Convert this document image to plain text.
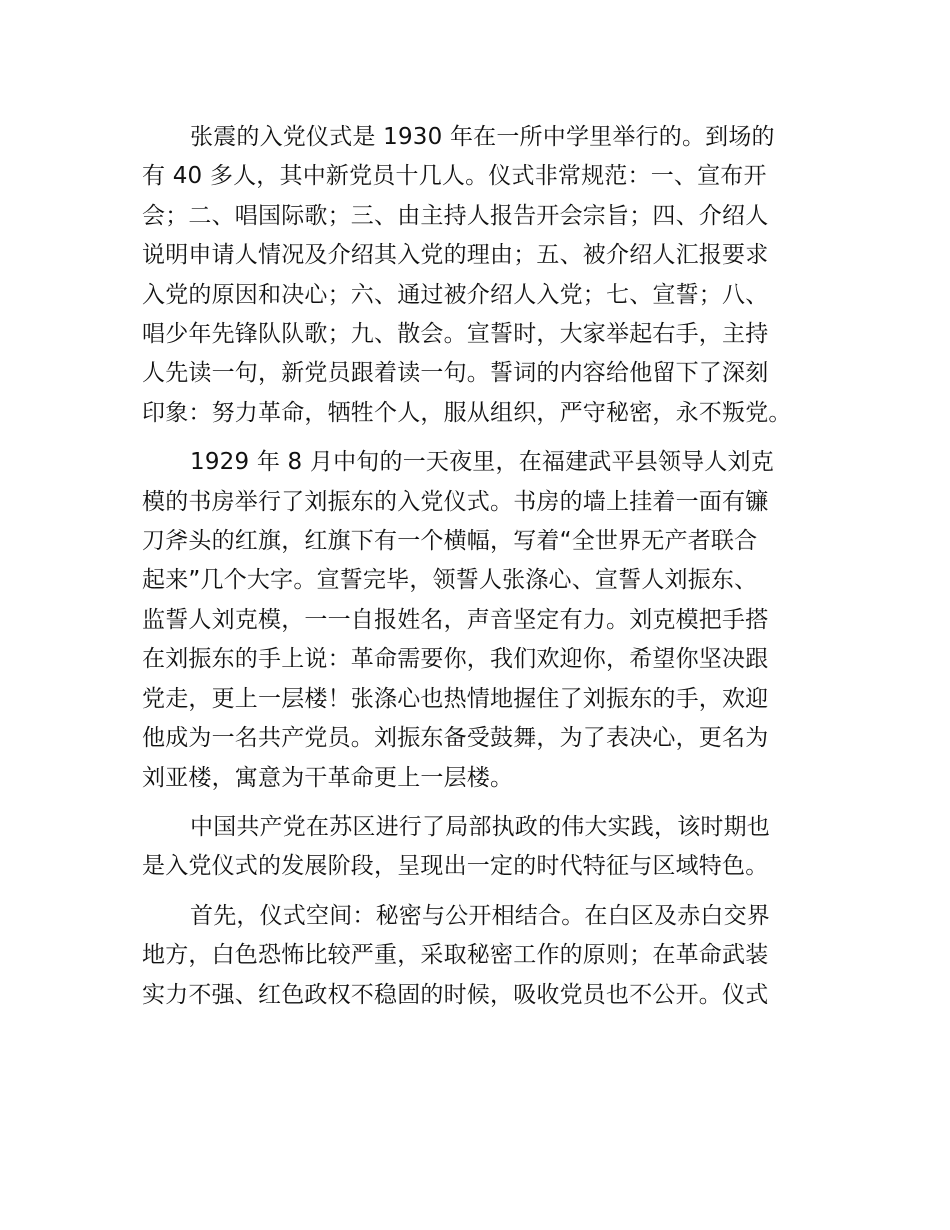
张震的入党仪式是 1930 年在一所中学里举行的。到场的
有 40 多人，其中新党员十几人。仪式非常规范：一、宣布开
会；二、唱国际歌；三、由主持人报告开会宗旨；四、介绍人
说明申请人情况及介绍其入党的理由；五、被介绍人汇报要求
入党的原因和决心；六、通过被介绍人入党；七、宣誓；八、
唱少年先锋队队歌；九、散会。宣誓时，大家举起右手，主持
人先读一句，新党员跟着读一句。誓词的内容给他留下了深刻
印象：努力革命，牺牲个人，服从组织，严守秘密，永不叛党。

1929 年 8 月中旬的一天夜里，在福建武平县领导人刘克
模的书房举行了刘振东的入党仪式。书房的墙上挂着一面有镰
刀斧头的红旗，红旗下有一个横幅，写着“全世界无产者联合
起来”几个大字。宣誓完毕，领誓人张涤心、宣誓人刘振东、
监誓人刘克模，一一自报姓名，声音坚定有力。刘克模把手搭
在刘振东的手上说：革命需要你，我们欢迎你，希望你坚决跟
党走，更上一层楼！张涤心也热情地握住了刘振东的手，欢迎
他成为一名共产党员。刘振东备受鼓舞，为了表决心，更名为
刘亚楼，寓意为干革命更上一层楼。

中国共产党在苏区进行了局部执政的伟大实践，该时期也
是入党仪式的发展阶段，呈现出一定的时代特征与区域特色。

首先，仪式空间：秘密与公开相结合。在白区及赤白交界
地方，白色恐怖比较严重，采取秘密工作的原则；在革命武装
实力不强、红色政权不稳固的时候，吸收党员也不公开。仪式
